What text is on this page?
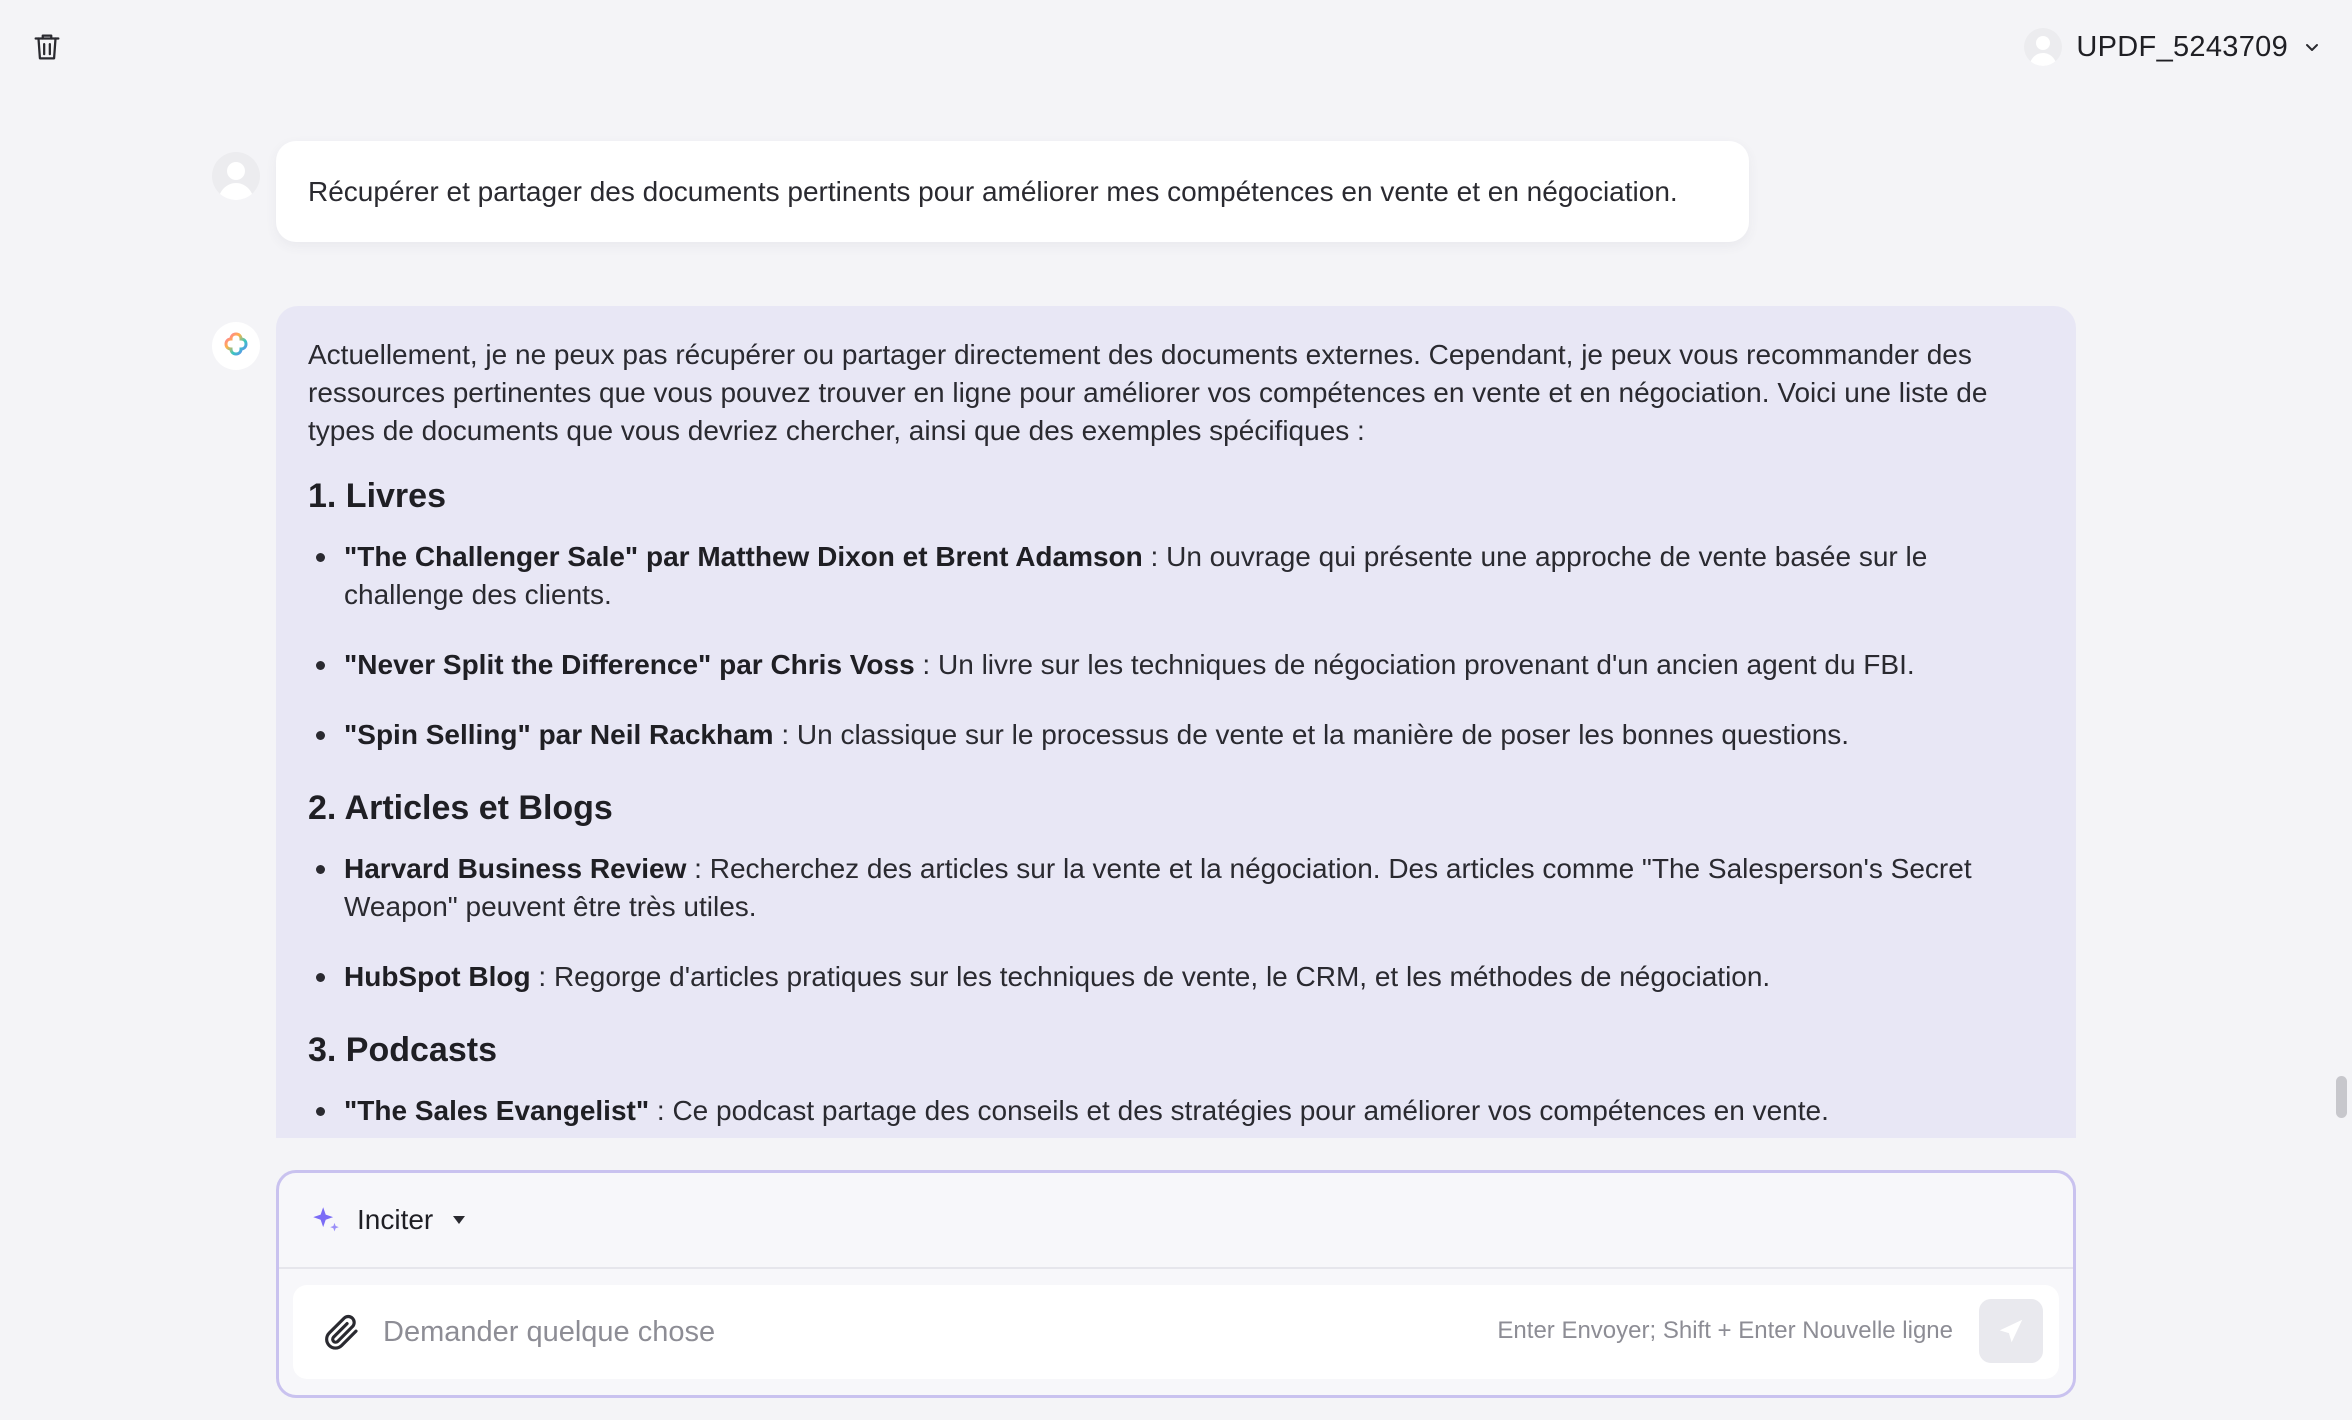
UPDF_5243709
Récupérer et partager des documents pertinents pour améliorer mes compétences en vente et en négociation.

Actuellement, je ne peux pas récupérer ou partager directement des documents externes. Cependant, je peux vous recommander des ressources pertinentes que vous pouvez trouver en ligne pour améliorer vos compétences en vente et en négociation. Voici une liste de types de documents que vous devriez chercher, ainsi que des exemples spécifiques :

1. Livres
"The Challenger Sale" par Matthew Dixon et Brent Adamson : Un ouvrage qui présente une approche de vente basée sur le challenge des clients.
"Never Split the Difference" par Chris Voss : Un livre sur les techniques de négociation provenant d'un ancien agent du FBI.
"Spin Selling" par Neil Rackham : Un classique sur le processus de vente et la manière de poser les bonnes questions.
2. Articles et Blogs
Harvard Business Review : Recherchez des articles sur la vente et la négociation. Des articles comme "The Salesperson's Secret Weapon" peuvent être très utiles.
HubSpot Blog : Regorge d'articles pratiques sur les techniques de vente, le CRM, et les méthodes de négociation.
3. Podcasts
"The Sales Evangelist" : Ce podcast partage des conseils et des stratégies pour améliorer vos compétences en vente.
Inciter
Demander quelque chose
Enter Envoyer; Shift + Enter Nouvelle ligne
